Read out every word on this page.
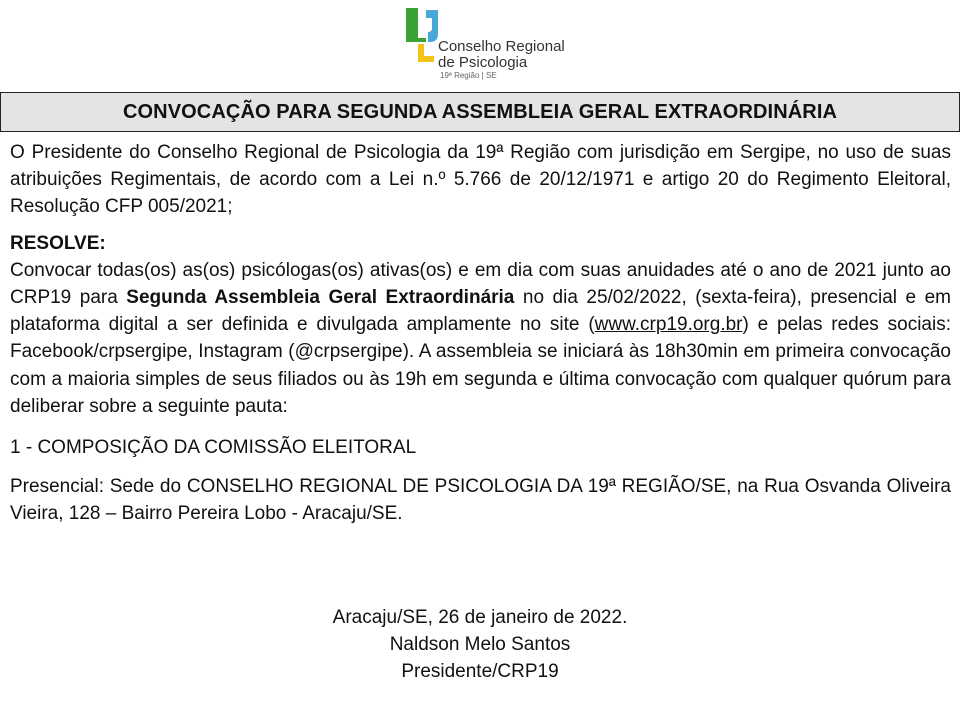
Conselho Regional
de Psicologia
19ª Região | SE
CONVOCAÇÃO PARA SEGUNDA ASSEMBLEIA GERAL EXTRAORDINÁRIA

O Presidente do Conselho Regional de Psicologia da 19ª Região com jurisdição em Sergipe, no uso de suas atribuições Regimentais, de acordo com a Lei n.º 5.766 de 20/12/1971 e artigo 20 do Regimento Eleitoral, Resolução CFP 005/2021;

RESOLVE:

Convocar todas(os) as(os) psicólogas(os) ativas(os) e em dia com suas anuidades até o ano de 2021 junto ao CRP19 para Segunda Assembleia Geral Extraordinária no dia 25/02/2022, (sexta-feira), presencial e em plataforma digital a ser definida e divulgada amplamente no site (www.crp19.org.br) e pelas redes sociais: Facebook/crpsergipe, Instagram (@crpsergipe). A assembleia se iniciará às 18h30min em primeira convocação com a maioria simples de seus filiados ou às 19h em segunda e última convocação com qualquer quórum para deliberar sobre a seguinte pauta:

1 - COMPOSIÇÃO DA COMISSÃO ELEITORAL

Presencial: Sede do CONSELHO REGIONAL DE PSICOLOGIA DA 19ª REGIÃO/SE, na Rua Osvanda Oliveira Vieira, 128 – Bairro Pereira Lobo - Aracaju/SE.

Aracaju/SE, 26 de janeiro de 2022.
Naldson Melo Santos
Presidente/CRP19
